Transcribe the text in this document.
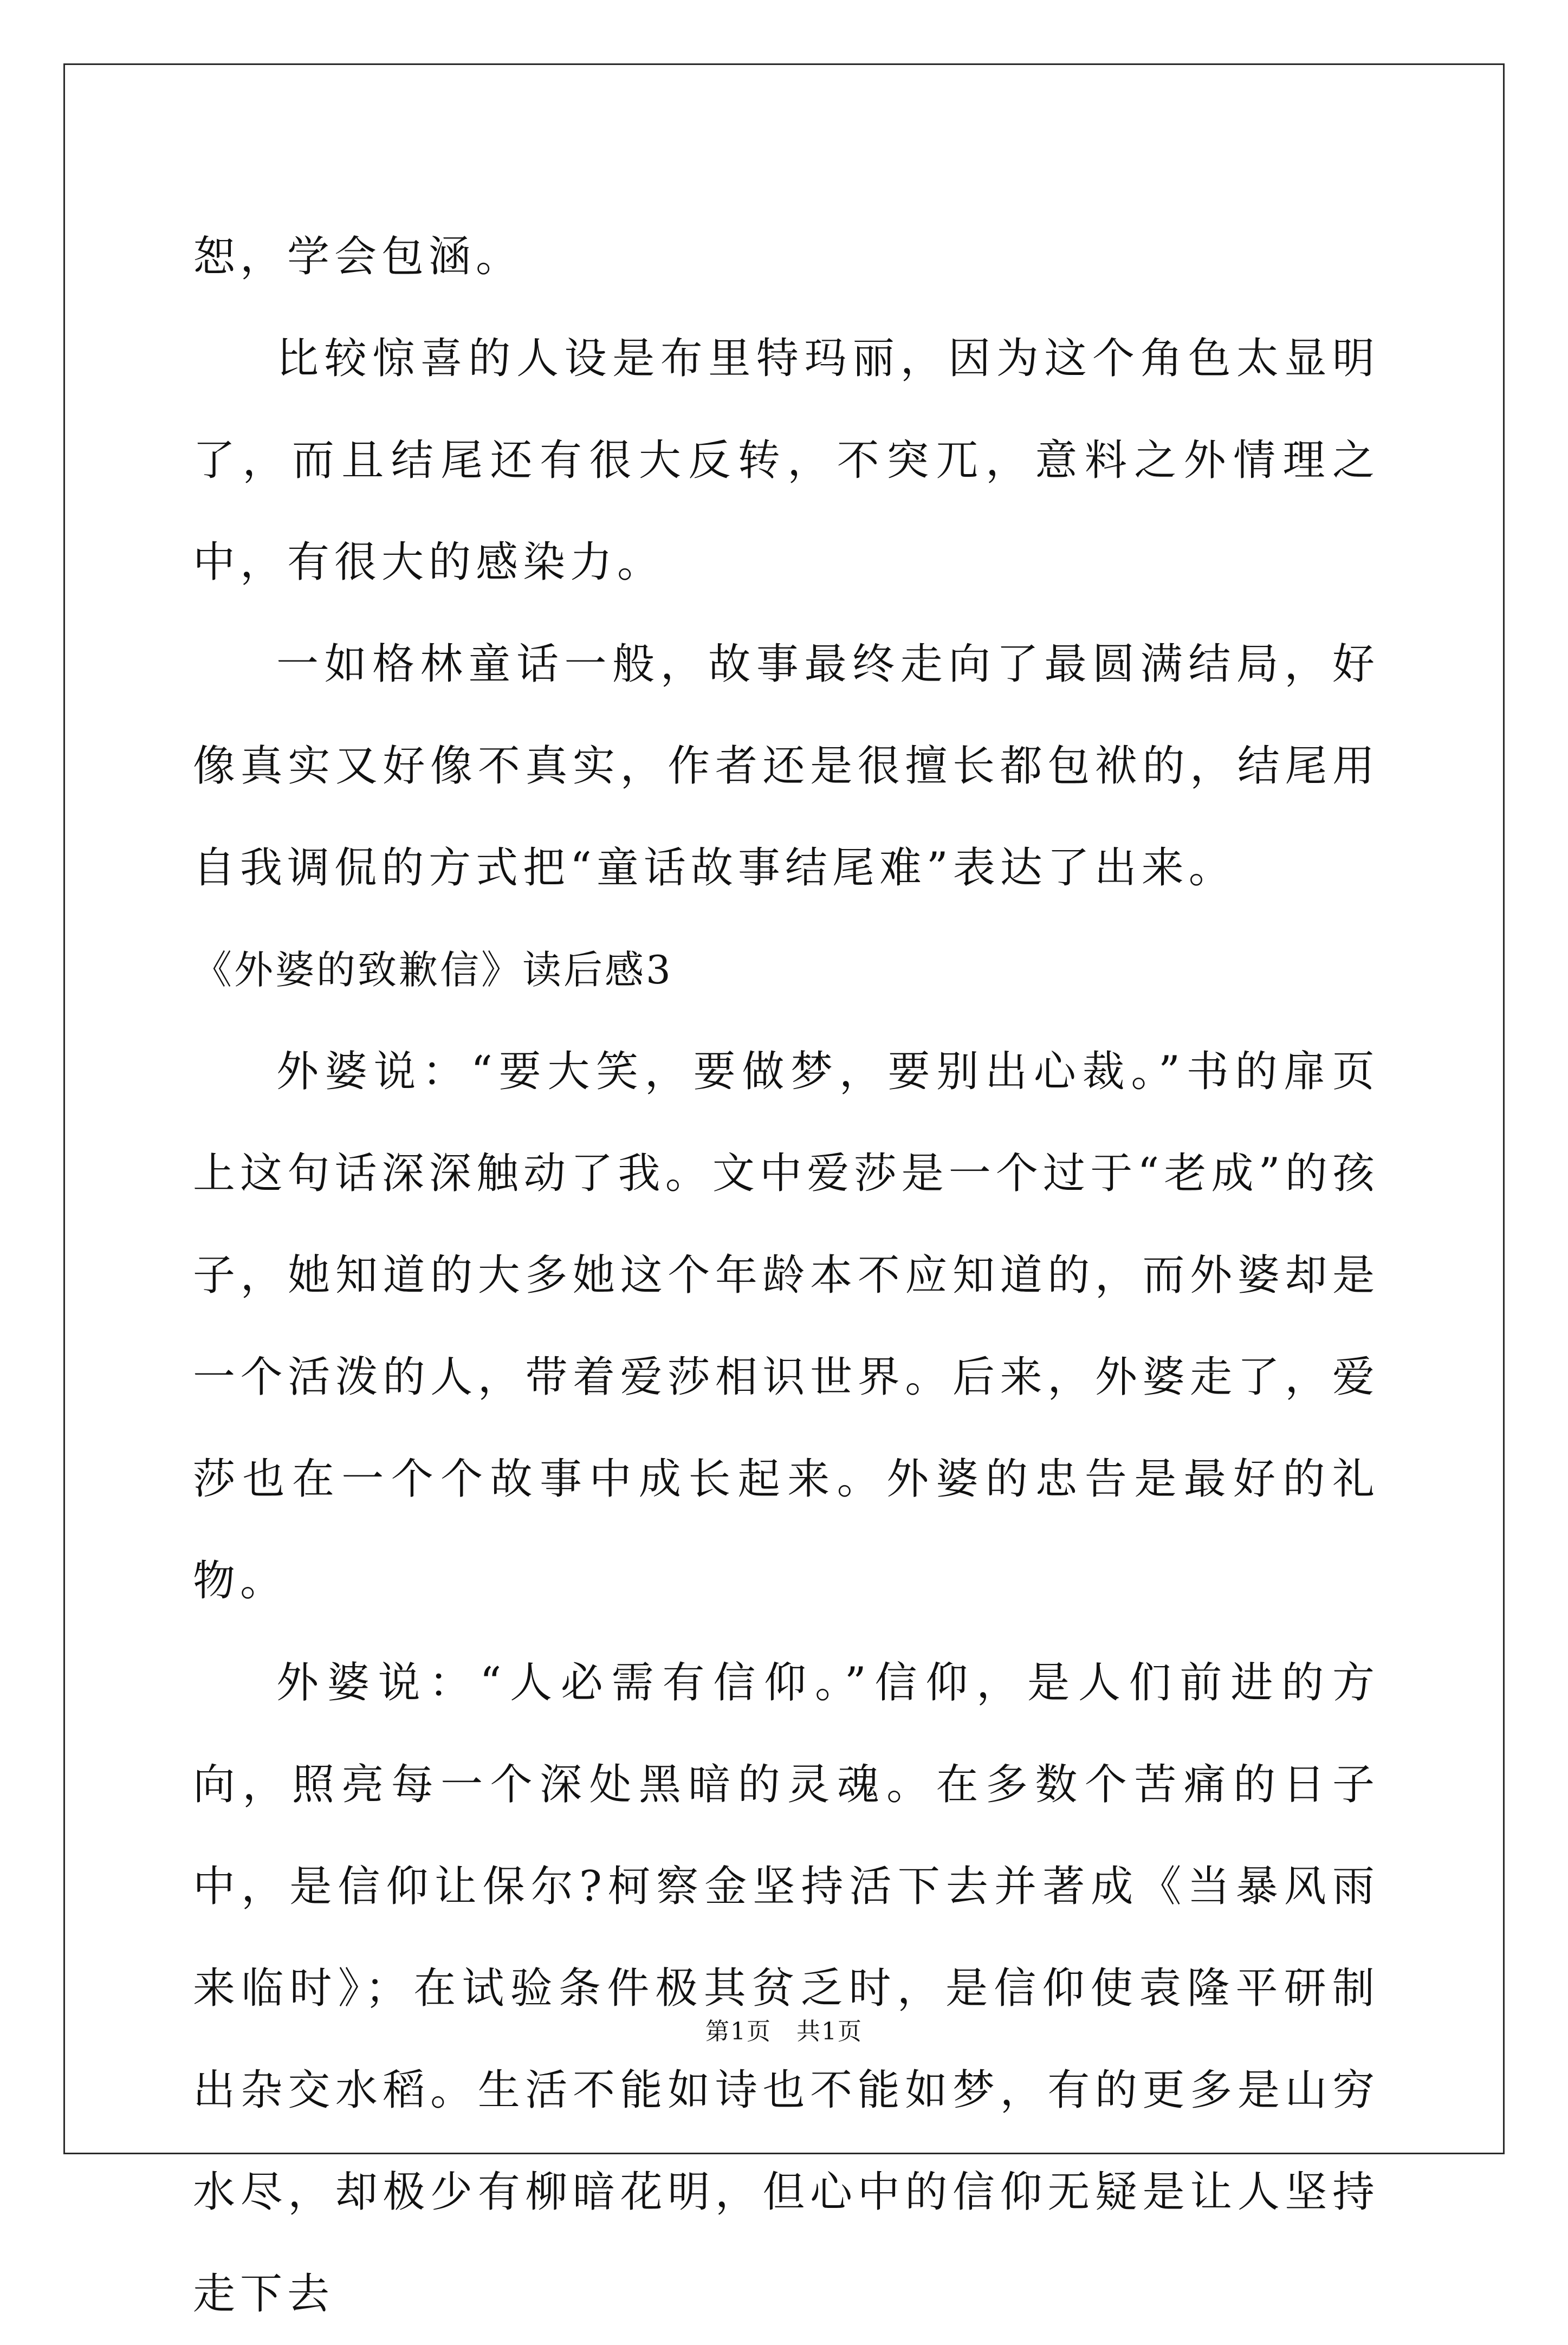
恕，学会包涵。

比较惊喜的人设是布里特玛丽，因为这个角色太显明了，而且结尾还有很大反转，不突兀，意料之外情理之中，有很大的感染力。

一如格林童话一般，故事最终走向了最圆满结局，好像真实又好像不真实，作者还是很擅长都包袱的，结尾用自我调侃的方式把“童话故事结尾难”表达了出来。

《外婆的致歉信》读后感3

外婆说：“要大笑，要做梦，要别出心裁。”书的扉页上这句话深深触动了我。文中爱莎是一个过于“老成”的孩子，她知道的大多她这个年龄本不应知道的，而外婆却是一个活泼的人，带着爱莎相识世界。后来，外婆走了，爱莎也在一个个故事中成长起来。外婆的忠告是最好的礼物。

外婆说：“人必需有信仰。”信仰，是人们前进的方向，照亮每一个深处黑暗的灵魂。在多数个苦痛的日子中，是信仰让保尔?柯察金坚持活下去并著成《当暴风雨来临时》；在试验条件极其贫乏时，是信仰使袁隆平研制出杂交水稻。生活不能如诗也不能如梦，有的更多是山穷水尽，却极少有柳暗花明，但心中的信仰无疑是让人坚持走下去

第1页　共1页
